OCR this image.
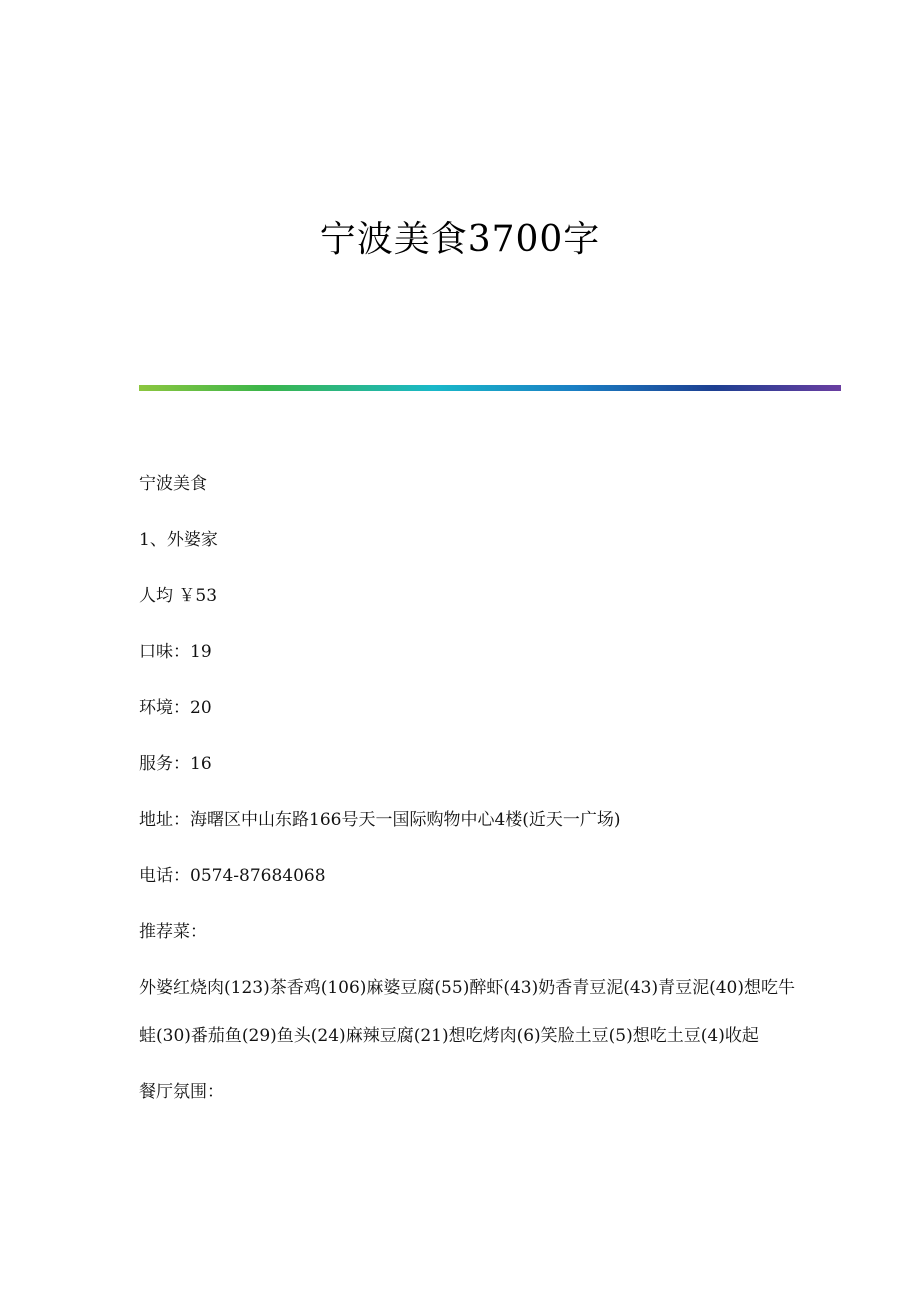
宁波美食3700字

宁波美食

1、外婆家

人均 ￥53

口味：19

环境：20

服务：16

地址：海曙区中山东路166号天一国际购物中心4楼(近天一广场)

电话：0574-87684068

推荐菜：

外婆红烧肉(123)茶香鸡(106)麻婆豆腐(55)醉虾(43)奶香青豆泥(43)青豆泥(40)想吃牛蛙(30)番茄鱼(29)鱼头(24)麻辣豆腐(21)想吃烤肉(6)笑脸土豆(5)想吃土豆(4)收起

餐厅氛围：
